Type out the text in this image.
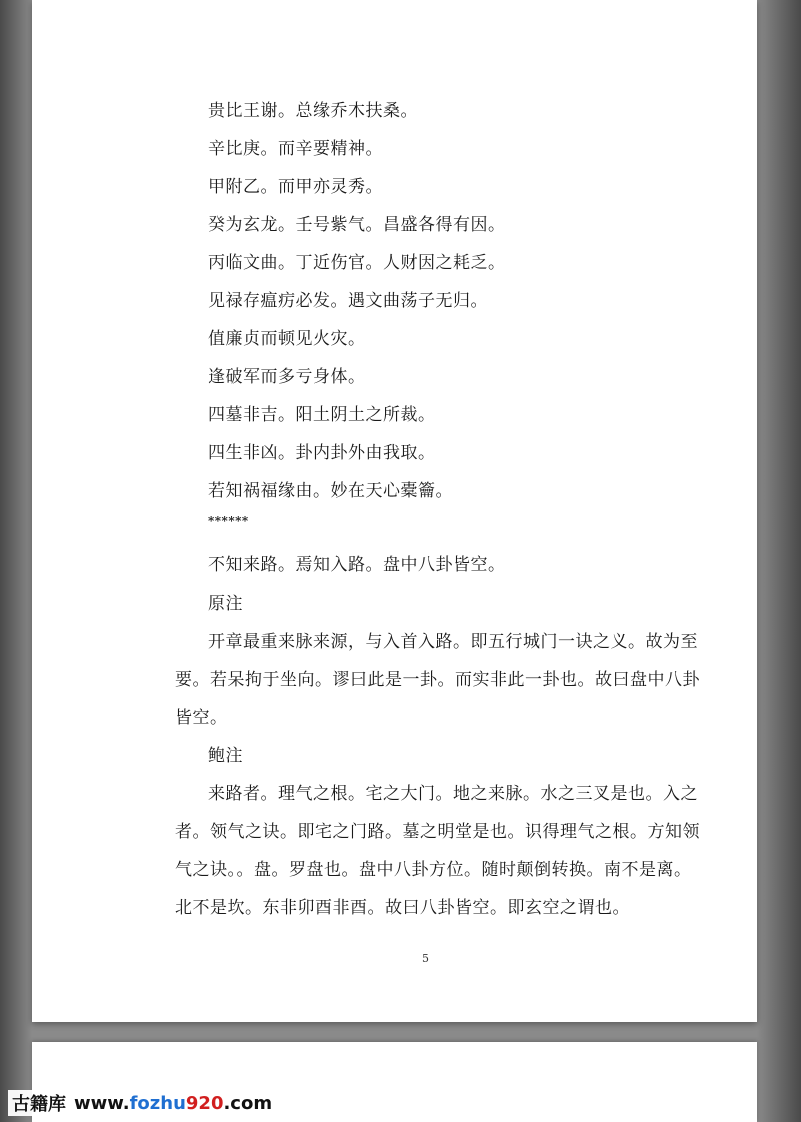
贵比王谢。总缘乔木扶桑。
辛比庚。而辛要精神。
甲附乙。而甲亦灵秀。
癸为玄龙。壬号紫气。昌盛各得有因。
丙临文曲。丁近伤官。人财因之耗乏。
见禄存瘟疠必发。遇文曲荡子无归。
值廉贞而顿见火灾。
逢破军而多亏身体。
四墓非吉。阳土阴土之所裁。
四生非凶。卦内卦外由我取。
若知祸福缘由。妙在天心橐籥。
******
不知来路。焉知入路。盘中八卦皆空。
原注
开章最重来脉来源，与入首入路。即五行城门一诀之义。故为至
要。若呆拘于坐向。谬曰此是一卦。而实非此一卦也。故曰盘中八卦
皆空。
鲍注
来路者。理气之根。宅之大门。地之来脉。水之三叉是也。入之
者。领气之诀。即宅之门路。墓之明堂是也。识得理气之根。方知领
气之诀。。盘。罗盘也。盘中八卦方位。随时颠倒转换。南不是离。
北不是坎。东非卯酉非酉。故曰八卦皆空。即玄空之谓也。
5
古籍库 www. fozhu 920 .com
